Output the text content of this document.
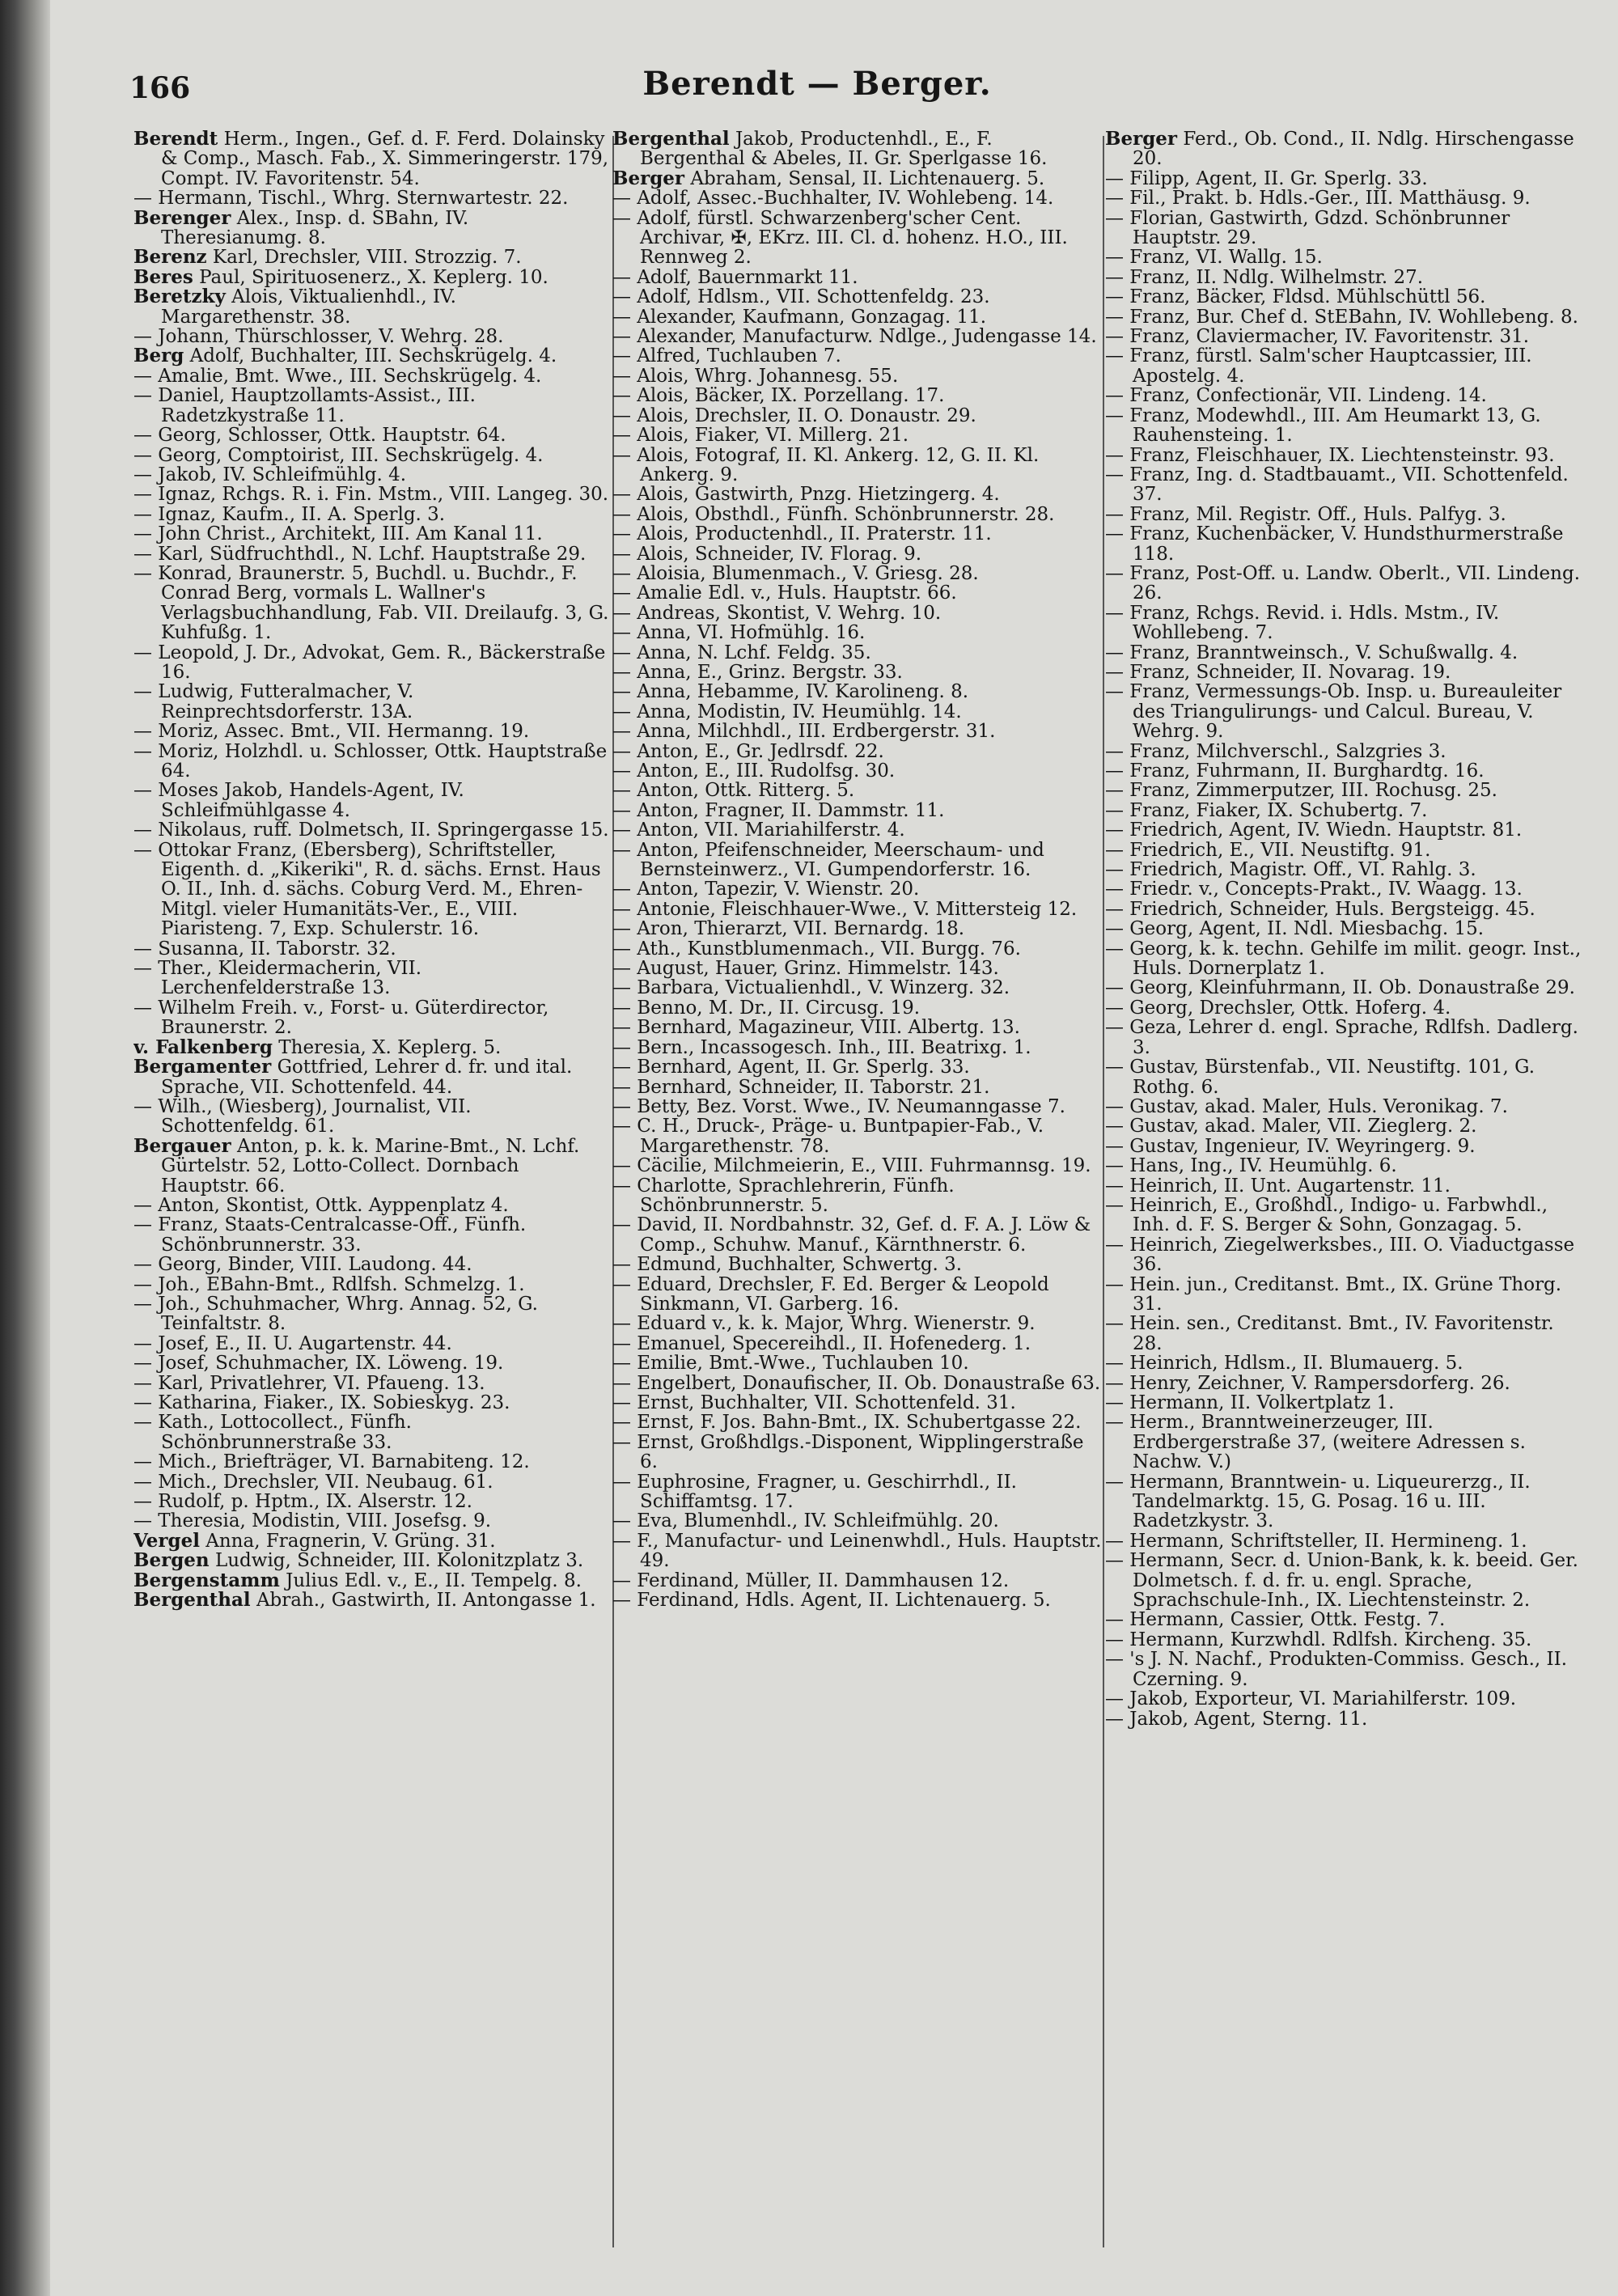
166	Berendt — Berger.

Berendt Herm., Ingen., Gef. d. F. Ferd. Dolainsky & Comp., Masch. Fab., X. Simmeringerstr. 179, Compt. IV. Favoritenstr. 54.

— Hermann, Tischl., Whrg. Sternwartestr. 22.

Berenger Alex., Insp. d. SBahn, IV. Theresianumg. 8.

Berenz Karl, Drechsler, VIII. Strozzig. 7.

Beres Paul, Spirituosenerz., X. Keplerg. 10.

Beretzky Alois, Viktualienhdl., IV. Margarethenstr. 38.

— Johann, Thürschlosser, V. Wehrg. 28.

Berg Adolf, Buchhalter, III. Sechskrügelg. 4.

— Amalie, Bmt. Wwe., III. Sechskrügelg. 4.

— Daniel, Hauptzollamts-Assist., III. Radetzkystraße 11.

— Georg, Schlosser, Ottk. Hauptstr. 64.

— Georg, Comptoirist, III. Sechskrügelg. 4.

— Jakob, IV. Schleifmühlg. 4.

— Ignaz, Rchgs. R. i. Fin. Mstm., VIII. Langeg. 30.

— Ignaz, Kaufm., II. A. Sperlg. 3.

— John Christ., Architekt, III. Am Kanal 11.

— Karl, Südfruchthdl., N. Lchf. Hauptstraße 29.

— Konrad, Braunerstr. 5, Buchdl. u. Buchdr., F. Conrad Berg, vormals L. Wallner's Verlagsbuchhandlung, Fab. VII. Dreilaufg. 3, G. Kuhfußg. 1.

— Leopold, J. Dr., Advokat, Gem. R., Bäckerstraße 16.

— Ludwig, Futteralmacher, V. Reinprechtsdorferstr. 13A.

— Moriz, Assec. Bmt., VII. Hermanng. 19.

— Moriz, Holzhdl. u. Schlosser, Ottk. Hauptstraße 64.

— Moses Jakob, Handels-Agent, IV. Schleifmühlgasse 4.

— Nikolaus, ruff. Dolmetsch, II. Springergasse 15.

— Ottokar Franz, (Ebersberg), Schriftsteller, Eigenth. d. „Kikeriki", R. d. sächs. Ernst. Haus O. II., Inh. d. sächs. Coburg Verd. M., Ehren-Mitgl. vieler Humanitäts-Ver., E., VIII. Piaristeng. 7, Exp. Schulerstr. 16.

— Susanna, II. Taborstr. 32.

— Ther., Kleidermacherin, VII. Lerchenfelderstraße 13.

— Wilhelm Freih. v., Forst- u. Güterdirector, Braunerstr. 2.

v. Falkenberg Theresia, X. Keplerg. 5.

Bergamenter Gottfried, Lehrer d. fr. und ital. Sprache, VII. Schottenfeld. 44.

— Wilh., (Wiesberg), Journalist, VII. Schottenfeldg. 61.

Bergauer Anton, p. k. k. Marine-Bmt., N. Lchf. Gürtelstr. 52, Lotto-Collect. Dornbach Hauptstr. 66.

— Anton, Skontist, Ottk. Ayppenplatz 4.

— Franz, Staats-Centralcasse-Off., Fünfh. Schönbrunnerstr. 33.

— Georg, Binder, VIII. Laudong. 44.

— Joh., EBahn-Bmt., Rdlfsh. Schmelzg. 1.

— Joh., Schuhmacher, Whrg. Annag. 52, G. Teinfaltstr. 8.

— Josef, E., II. U. Augartenstr. 44.

— Josef, Schuhmacher, IX. Löweng. 19.

— Karl, Privatlehrer, VI. Pfaueng. 13.

— Katharina, Fiaker., IX. Sobieskyg. 23.

— Kath., Lottocollect., Fünfh. Schönbrunnerstraße 33.

— Mich., Briefträger, VI. Barnabiteng. 12.

— Mich., Drechsler, VII. Neubaug. 61.

— Rudolf, p. Hptm., IX. Alserstr. 12.

— Theresia, Modistin, VIII. Josefsg. 9.

Vergel Anna, Fragnerin, V. Grüng. 31.

Bergen Ludwig, Schneider, III. Kolonitzplatz 3.

Bergenstamm Julius Edl. v., E., II. Tempelg. 8.

Bergenthal Abrah., Gastwirth, II. Antongasse 1.

Bergenthal Jakob, Productenhdl., E., F. Bergenthal & Abeles, II. Gr. Sperlgasse 16.

Berger Abraham, Sensal, II. Lichtenauerg. 5.

— Adolf, Assec.-Buchhalter, IV. Wohlebeng. 14.

— Adolf, fürstl. Schwarzenberg'scher Cent. Archivar, ✠, EKrz. III. Cl. d. hohenz. H.O., III. Rennweg 2.

— Adolf, Bauernmarkt 11.

— Adolf, Hdlsm., VII. Schottenfeldg. 23.

— Alexander, Kaufmann, Gonzagag. 11.

— Alexander, Manufacturw. Ndlge., Judengasse 14.

— Alfred, Tuchlauben 7.

— Alois, Whrg. Johannesg. 55.

— Alois, Bäcker, IX. Porzellang. 17.

— Alois, Drechsler, II. O. Donaustr. 29.

— Alois, Fiaker, VI. Millerg. 21.

— Alois, Fotograf, II. Kl. Ankerg. 12, G. II. Kl. Ankerg. 9.

— Alois, Gastwirth, Pnzg. Hietzingerg. 4.

— Alois, Obsthdl., Fünfh. Schönbrunnerstr. 28.

— Alois, Productenhdl., II. Praterstr. 11.

— Alois, Schneider, IV. Florag. 9.

— Aloisia, Blumenmach., V. Griesg. 28.

— Amalie Edl. v., Huls. Hauptstr. 66.

— Andreas, Skontist, V. Wehrg. 10.

— Anna, VI. Hofmühlg. 16.

— Anna, N. Lchf. Feldg. 35.

— Anna, E., Grinz. Bergstr. 33.

— Anna, Hebamme, IV. Karolineng. 8.

— Anna, Modistin, IV. Heumühlg. 14.

— Anna, Milchhdl., III. Erdbergerstr. 31.

— Anton, E., Gr. Jedlrsdf. 22.

— Anton, E., III. Rudolfsg. 30.

— Anton, Ottk. Ritterg. 5.

— Anton, Fragner, II. Dammstr. 11.

— Anton, VII. Mariahilferstr. 4.

— Anton, Pfeifenschneider, Meerschaum- und Bernsteinwerz., VI. Gumpendorferstr. 16.

— Anton, Tapezir, V. Wienstr. 20.

— Antonie, Fleischhauer-Wwe., V. Mittersteig 12.

— Aron, Thierarzt, VII. Bernardg. 18.

— Ath., Kunstblumenmach., VII. Burgg. 76.

— August, Hauer, Grinz. Himmelstr. 143.

— Barbara, Victualienhdl., V. Winzerg. 32.

— Benno, M. Dr., II. Circusg. 19.

— Bernhard, Magazineur, VIII. Albertg. 13.

— Bern., Incassogesch. Inh., III. Beatrixg. 1.

— Bernhard, Agent, II. Gr. Sperlg. 33.

— Bernhard, Schneider, II. Taborstr. 21.

— Betty, Bez. Vorst. Wwe., IV. Neumanngasse 7.

— C. H., Druck-, Präge- u. Buntpapier-Fab., V. Margarethenstr. 78.

— Cäcilie, Milchmeierin, E., VIII. Fuhrmannsg. 19.

— Charlotte, Sprachlehrerin, Fünfh. Schönbrunnerstr. 5.

— David, II. Nordbahnstr. 32, Gef. d. F. A. J. Löw & Comp., Schuhw. Manuf., Kärnthnerstr. 6.

— Edmund, Buchhalter, Schwertg. 3.

— Eduard, Drechsler, F. Ed. Berger & Leopold Sinkmann, VI. Garberg. 16.

— Eduard v., k. k. Major, Whrg. Wienerstr. 9.

— Emanuel, Specereihdl., II. Hofenederg. 1.

— Emilie, Bmt.-Wwe., Tuchlauben 10.

— Engelbert, Donaufischer, II. Ob. Donaustraße 63.

— Ernst, Buchhalter, VII. Schottenfeld. 31.

— Ernst, F. Jos. Bahn-Bmt., IX. Schubertgasse 22.

— Ernst, Großhdlgs.-Disponent, Wipplingerstraße 6.

— Euphrosine, Fragner, u. Geschirrhdl., II. Schiffamtsg. 17.

— Eva, Blumenhdl., IV. Schleifmühlg. 20.

— F., Manufactur- und Leinenwhdl., Huls. Hauptstr. 49.

— Ferdinand, Müller, II. Dammhausen 12.

— Ferdinand, Hdls. Agent, II. Lichtenauerg. 5.

Berger Ferd., Ob. Cond., II. Ndlg. Hirschengasse 20.

— Filipp, Agent, II. Gr. Sperlg. 33.

— Fil., Prakt. b. Hdls.-Ger., III. Matthäusg. 9.

— Florian, Gastwirth, Gdzd. Schönbrunner Hauptstr. 29.

— Franz, VI. Wallg. 15.

— Franz, II. Ndlg. Wilhelmstr. 27.

— Franz, Bäcker, Fldsd. Mühlschüttl 56.

— Franz, Bur. Chef d. StEBahn, IV. Wohllebeng. 8.

— Franz, Claviermacher, IV. Favoritenstr. 31.

— Franz, fürstl. Salm'scher Hauptcassier, III. Apostelg. 4.

— Franz, Confectionär, VII. Lindeng. 14.

— Franz, Modewhdl., III. Am Heumarkt 13, G. Rauhensteing. 1.

— Franz, Fleischhauer, IX. Liechtensteinstr. 93.

— Franz, Ing. d. Stadtbauamt., VII. Schottenfeld. 37.

— Franz, Mil. Registr. Off., Huls. Palfyg. 3.

— Franz, Kuchenbäcker, V. Hundsthurmerstraße 118.

— Franz, Post-Off. u. Landw. Oberlt., VII. Lindeng. 26.

— Franz, Rchgs. Revid. i. Hdls. Mstm., IV. Wohllebeng. 7.

— Franz, Branntweinsch., V. Schußwallg. 4.

— Franz, Schneider, II. Novarag. 19.

— Franz, Vermessungs-Ob. Insp. u. Bureauleiter des Triangulirungs- und Calcul. Bureau, V. Wehrg. 9.

— Franz, Milchverschl., Salzgries 3.

— Franz, Fuhrmann, II. Burghardtg. 16.

— Franz, Zimmerputzer, III. Rochusg. 25.

— Franz, Fiaker, IX. Schubertg. 7.

— Friedrich, Agent, IV. Wiedn. Hauptstr. 81.

— Friedrich, E., VII. Neustiftg. 91.

— Friedrich, Magistr. Off., VI. Rahlg. 3.

— Friedr. v., Concepts-Prakt., IV. Waagg. 13.

— Friedrich, Schneider, Huls. Bergsteigg. 45.

— Georg, Agent, II. Ndl. Miesbachg. 15.

— Georg, k. k. techn. Gehilfe im milit. geogr. Inst., Huls. Dornerplatz 1.

— Georg, Kleinfuhrmann, II. Ob. Donaustraße 29.

— Georg, Drechsler, Ottk. Hoferg. 4.

— Geza, Lehrer d. engl. Sprache, Rdlfsh. Dadlerg. 3.

— Gustav, Bürstenfab., VII. Neustiftg. 101, G. Rothg. 6.

— Gustav, akad. Maler, Huls. Veronikag. 7.

— Gustav, akad. Maler, VII. Zieglerg. 2.

— Gustav, Ingenieur, IV. Weyringerg. 9.

— Hans, Ing., IV. Heumühlg. 6.

— Heinrich, II. Unt. Augartenstr. 11.

— Heinrich, E., Großhdl., Indigo- u. Farbwhdl., Inh. d. F. S. Berger & Sohn, Gonzagag. 5.

— Heinrich, Ziegelwerksbes., III. O. Viaductgasse 36.

— Hein. jun., Creditanst. Bmt., IX. Grüne Thorg. 31.

— Hein. sen., Creditanst. Bmt., IV. Favoritenstr. 28.

— Heinrich, Hdlsm., II. Blumauerg. 5.

— Henry, Zeichner, V. Rampersdorferg. 26.

— Hermann, II. Volkertplatz 1.

— Herm., Branntweinerzeuger, III. Erdbergerstraße 37, (weitere Adressen s. Nachw. V.)

— Hermann, Branntwein- u. Liqueurerzg., II. Tandelmarktg. 15, G. Posag. 16 u. III. Radetzkystr. 3.

— Hermann, Schriftsteller, II. Hermineng. 1.

— Hermann, Secr. d. Union-Bank, k. k. beeid. Ger. Dolmetsch. f. d. fr. u. engl. Sprache, Sprachschule-Inh., IX. Liechtensteinstr. 2.

— Hermann, Cassier, Ottk. Festg. 7.

— Hermann, Kurzwhdl. Rdlfsh. Kircheng. 35.

— 's J. N. Nachf., Produkten-Commiss. Gesch., II. Czerning. 9.

— Jakob, Exporteur, VI. Mariahilferstr. 109.

— Jakob, Agent, Sterng. 11.
